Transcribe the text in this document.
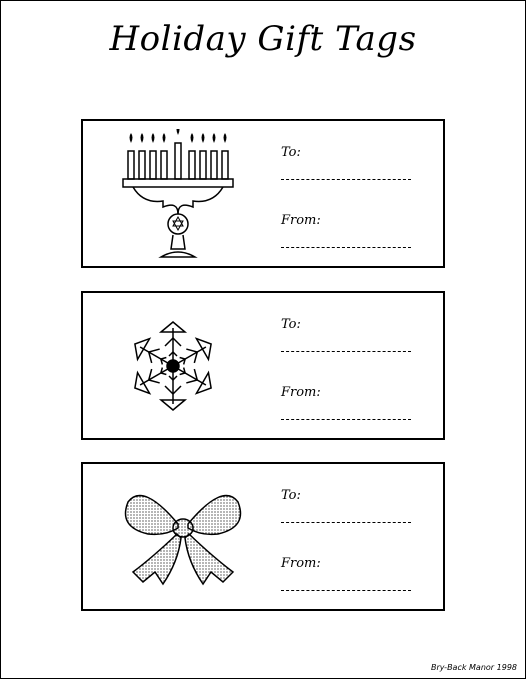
Holiday Gift Tags
To:
From:
To:
From:
To:
From:
Bry-Back Manor 1998
